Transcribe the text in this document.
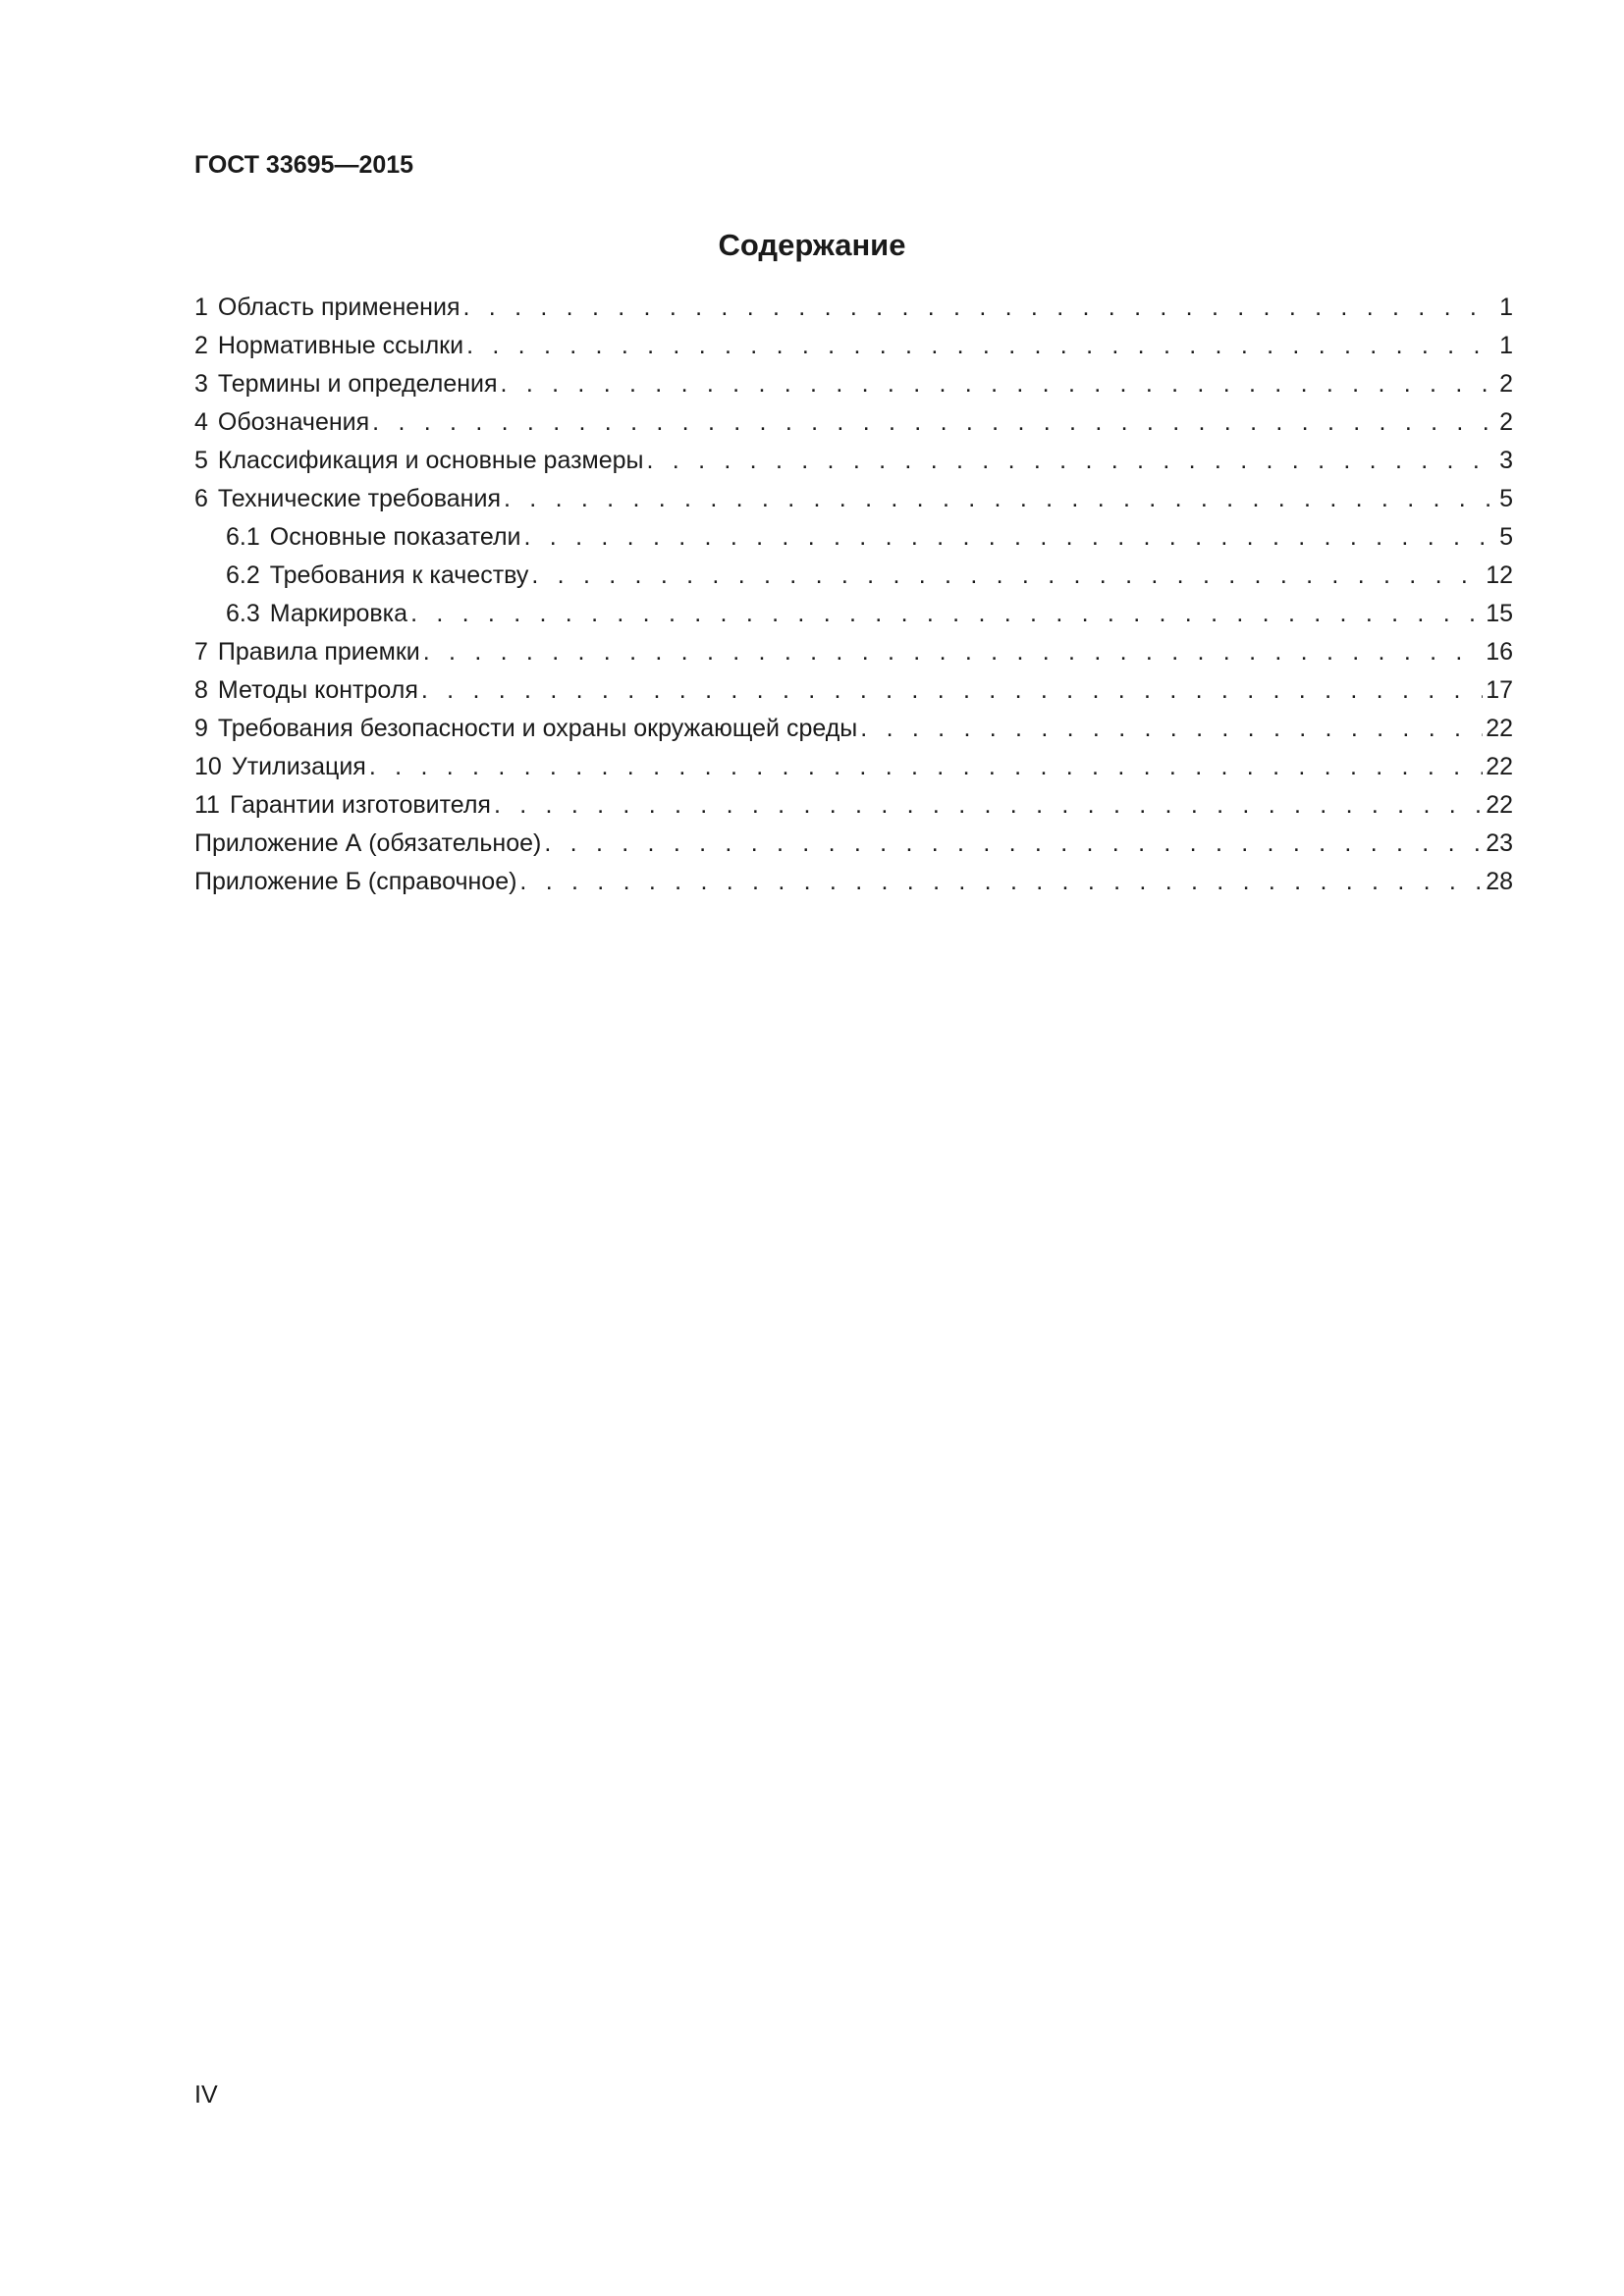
ГОСТ 33695—2015
Содержание
1 Область применения . . .	1
2 Нормативные ссылки . . .	1
3 Термины и определения . . .	2
4 Обозначения . . .	2
5 Классификация и основные размеры . . .	3
6 Технические требования . . .	5
6.1 Основные показатели . . .	5
6.2 Требования к качеству . . .	12
6.3 Маркировка . . .	15
7 Правила приемки . . .	16
8 Методы контроля . . .	17
9 Требования безопасности и охраны окружающей среды . . .	22
10 Утилизация . . .	22
11 Гарантии изготовителя . . .	22
Приложение А (обязательное) . . .	23
Приложение Б (справочное) . . .	28
IV
